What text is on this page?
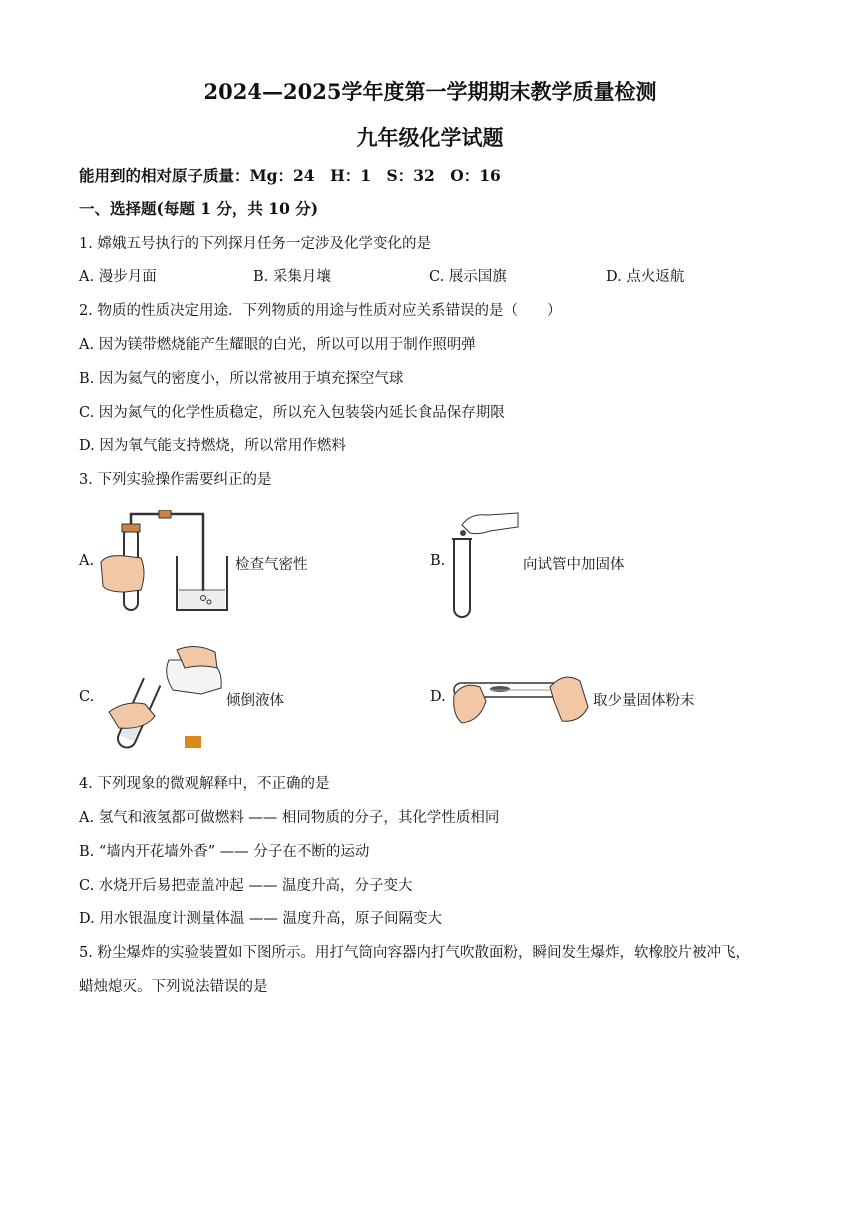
2024—2025学年度第一学期期末教学质量检测
九年级化学试题
能用到的相对原子质量：Mg：24　H：1　S：32　O：16
一、选择题(每题 1 分，共 10 分)
1. 嫦娥五号执行的下列探月任务一定涉及化学变化的是
A. 漫步月面	B. 采集月壤	C. 展示国旗	D. 点火返航
2. 物质的性质决定用途．下列物质的用途与性质对应关系错误的是（　　）
A. 因为镁带燃烧能产生耀眼的白光，所以可以用于制作照明弹
B. 因为氦气的密度小，所以常被用于填充探空气球
C. 因为氮气的化学性质稳定，所以充入包装袋内延长食品保存期限
D. 因为氧气能支持燃烧，所以常用作燃料
3. 下列实验操作需要纠正的是
A.	检查气密性	B.	向试管中加固体
C.	倾倒液体	D.	取少量固体粉末
4. 下列现象的微观解释中，不正确的是
A. 氢气和液氢都可做燃料 —— 相同物质的分子，其化学性质相同
B. “墙内开花墙外香” —— 分子在不断的运动
C. 水烧开后易把壶盖冲起 —— 温度升高，分子变大
D. 用水银温度计测量体温 —— 温度升高，原子间隔变大
5. 粉尘爆炸的实验装置如下图所示。用打气筒向容器内打气吹散面粉，瞬间发生爆炸，软橡胶片被冲飞，
蜡烛熄灭。下列说法错误的是
